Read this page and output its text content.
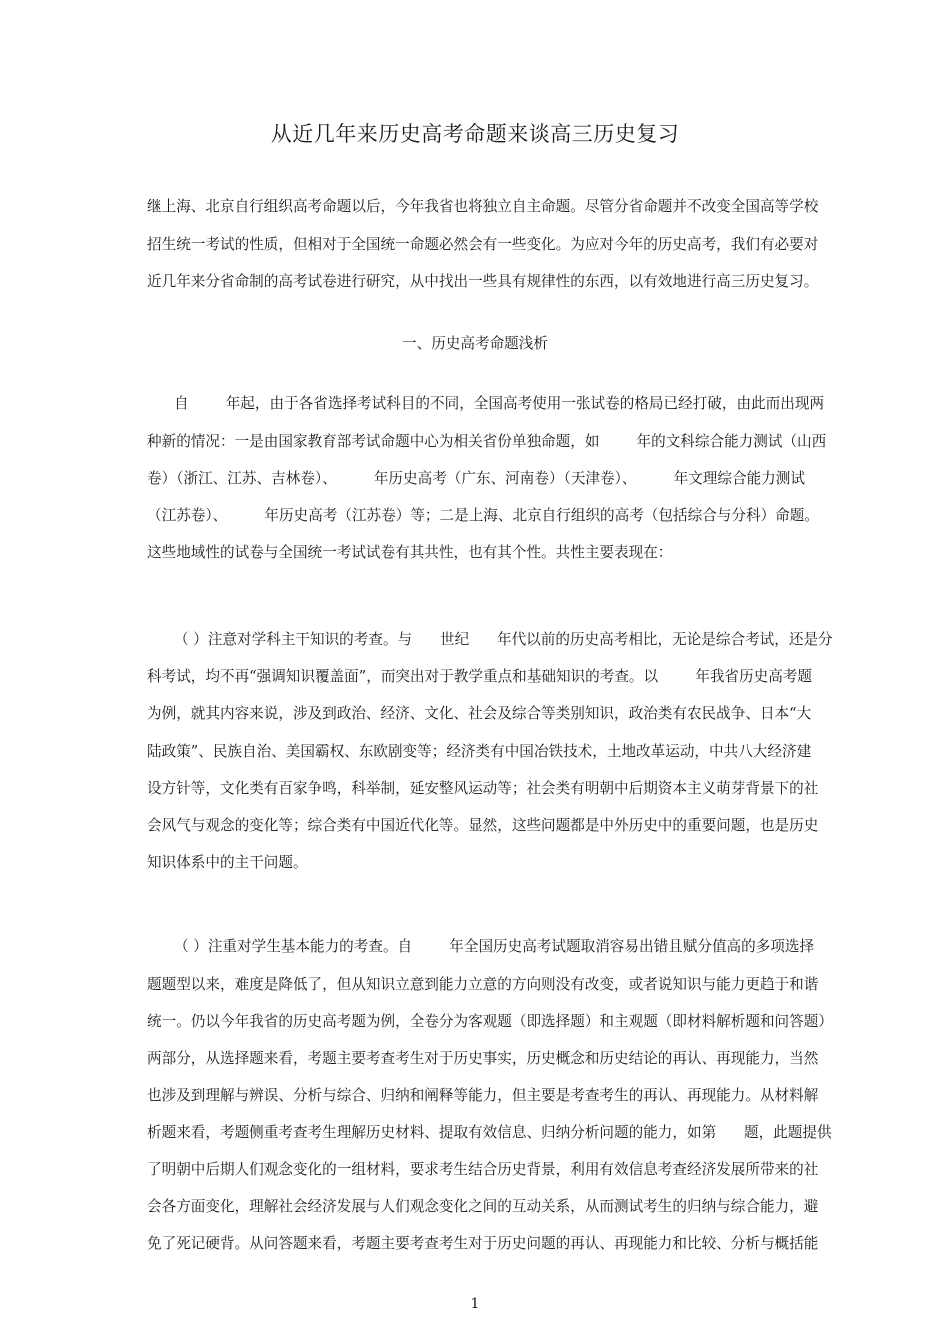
从近几年来历史高考命题来谈高三历史复习
继上海、北京自行组织高考命题以后，今年我省也将独立自主命题。尽管分省命题并不改变全国高等学校
招生统一考试的性质，但相对于全国统一命题必然会有一些变化。为应对今年的历史高考，我们有必要对
近几年来分省命制的高考试卷进行研究，从中找出一些具有规律性的东西，以有效地进行高三历史复习。
一、历史高考命题浅析
自        年起，由于各省选择考试科目的不同，全国高考使用一张试卷的格局已经打破，由此而出现两
种新的情况：一是由国家教育部考试命题中心为相关省份单独命题，如        年的文科综合能力测试（山西
卷）（浙江、江苏、吉林卷）、        年历史高考（广东、河南卷）（天津卷）、        年文理综合能力测试
（江苏卷）、        年历史高考（江苏卷）等；二是上海、北京自行组织的高考（包括综合与分科）命题。
这些地域性的试卷与全国统一考试试卷有其共性，也有其个性。共性主要表现在：
（ ）注意对学科主干知识的考查。与      世纪      年代以前的历史高考相比，无论是综合考试，还是分
科考试，均不再“强调知识覆盖面”，而突出对于教学重点和基础知识的考查。以        年我省历史高考题
为例，就其内容来说，涉及到政治、经济、文化、社会及综合等类别知识，政治类有农民战争、日本“大
陆政策”、民族自治、美国霸权、东欧剧变等；经济类有中国冶铁技术，土地改革运动，中共八大经济建
设方针等，文化类有百家争鸣，科举制，延安整风运动等；社会类有明朝中后期资本主义萌芽背景下的社
会风气与观念的变化等；综合类有中国近代化等。显然，这些问题都是中外历史中的重要问题，也是历史
知识体系中的主干问题。
（ ）注重对学生基本能力的考查。自        年全国历史高考试题取消容易出错且赋分值高的多项选择
题题型以来，难度是降低了，但从知识立意到能力立意的方向则没有改变，或者说知识与能力更趋于和谐
统一。仍以今年我省的历史高考题为例，全卷分为客观题（即选择题）和主观题（即材料解析题和问答题）
两部分，从选择题来看，考题主要考查考生对于历史事实，历史概念和历史结论的再认、再现能力，当然
也涉及到理解与辨误、分析与综合、归纳和阐释等能力，但主要是考查考生的再认、再现能力。从材料解
析题来看，考题侧重考查考生理解历史材料、提取有效信息、归纳分析问题的能力，如第      题，此题提供
了明朝中后期人们观念变化的一组材料，要求考生结合历史背景，利用有效信息考查经济发展所带来的社
会各方面变化，理解社会经济发展与人们观念变化之间的互动关系，从而测试考生的归纳与综合能力，避
免了死记硬背。从问答题来看，考题主要考查考生对于历史问题的再认、再现能力和比较、分析与概括能
1
